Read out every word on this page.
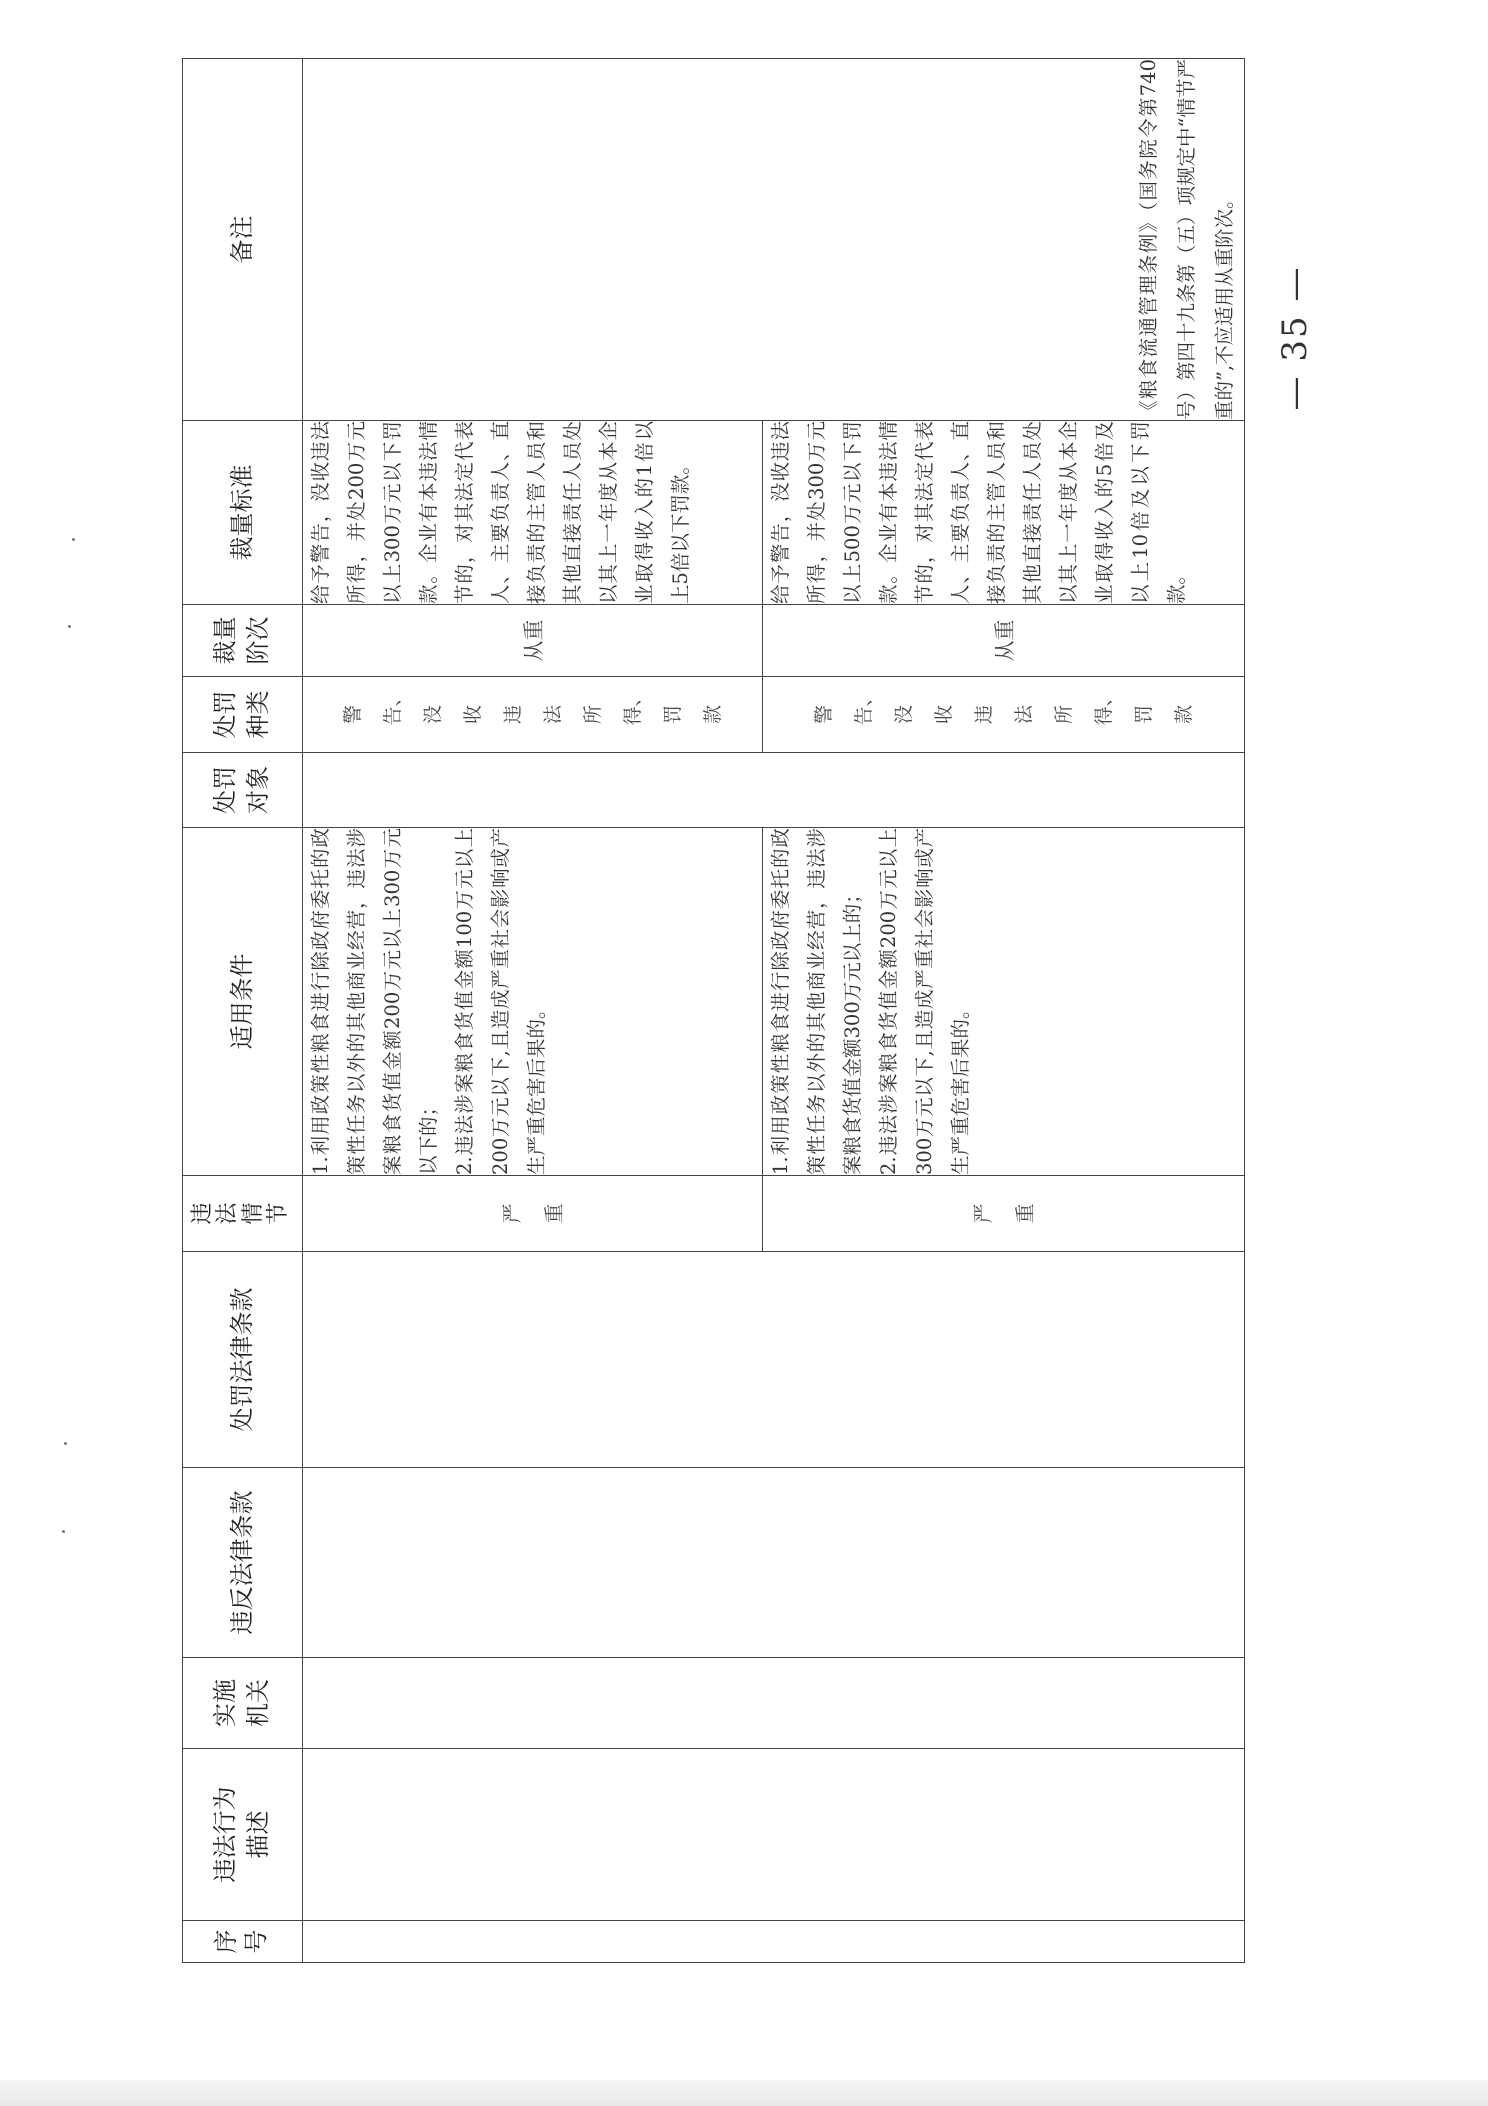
— 35 —
序号	违法行为描述	实施机关	违反法律条款	处罚法律条款	违法情节	适用条件	处罚对象	处罚种类	裁量阶次	裁量标准	备注
					严重	1.利用政策性粮食进行除政府委托的政策性任务以外的其他商业经营，违法涉案粮食货值金额200万元以上300万元以下的； 2.违法涉案粮食货值金额100万元以上200万元以下,且造成严重社会影响或产生严重危害后果的。		警告、没收违法所得、罚款	从重	给予警告，没收违法所得，并处200万元以上300万元以下罚款。企业有本违法情节的，对其法定代表人、主要负责人、直接负责的主管人员和其他直接责任人员处以其上一年度从本企业取得收入的1倍以上5倍以下罚款。	《粮食流通管理条例》（国务院令第740号）第四十九条第（五）项规定中“情节严重的”,不应适用从重阶次。
					严重	1.利用政策性粮食进行除政府委托的政策性任务以外的其他商业经营，违法涉案粮食货值金额300万元以上的； 2.违法涉案粮食货值金额200万元以上300万元以下,且造成严重社会影响或产生严重危害后果的。		警告、没收违法所得、罚款	从重	给予警告，没收违法所得，并处300万元以上500万元以下罚款。企业有本违法情节的，对其法定代表人、主要负责人、直接负责的主管人员和其他直接责任人员处以其上一年度从本企业取得收入的5倍及以上10倍及以下罚款。	
